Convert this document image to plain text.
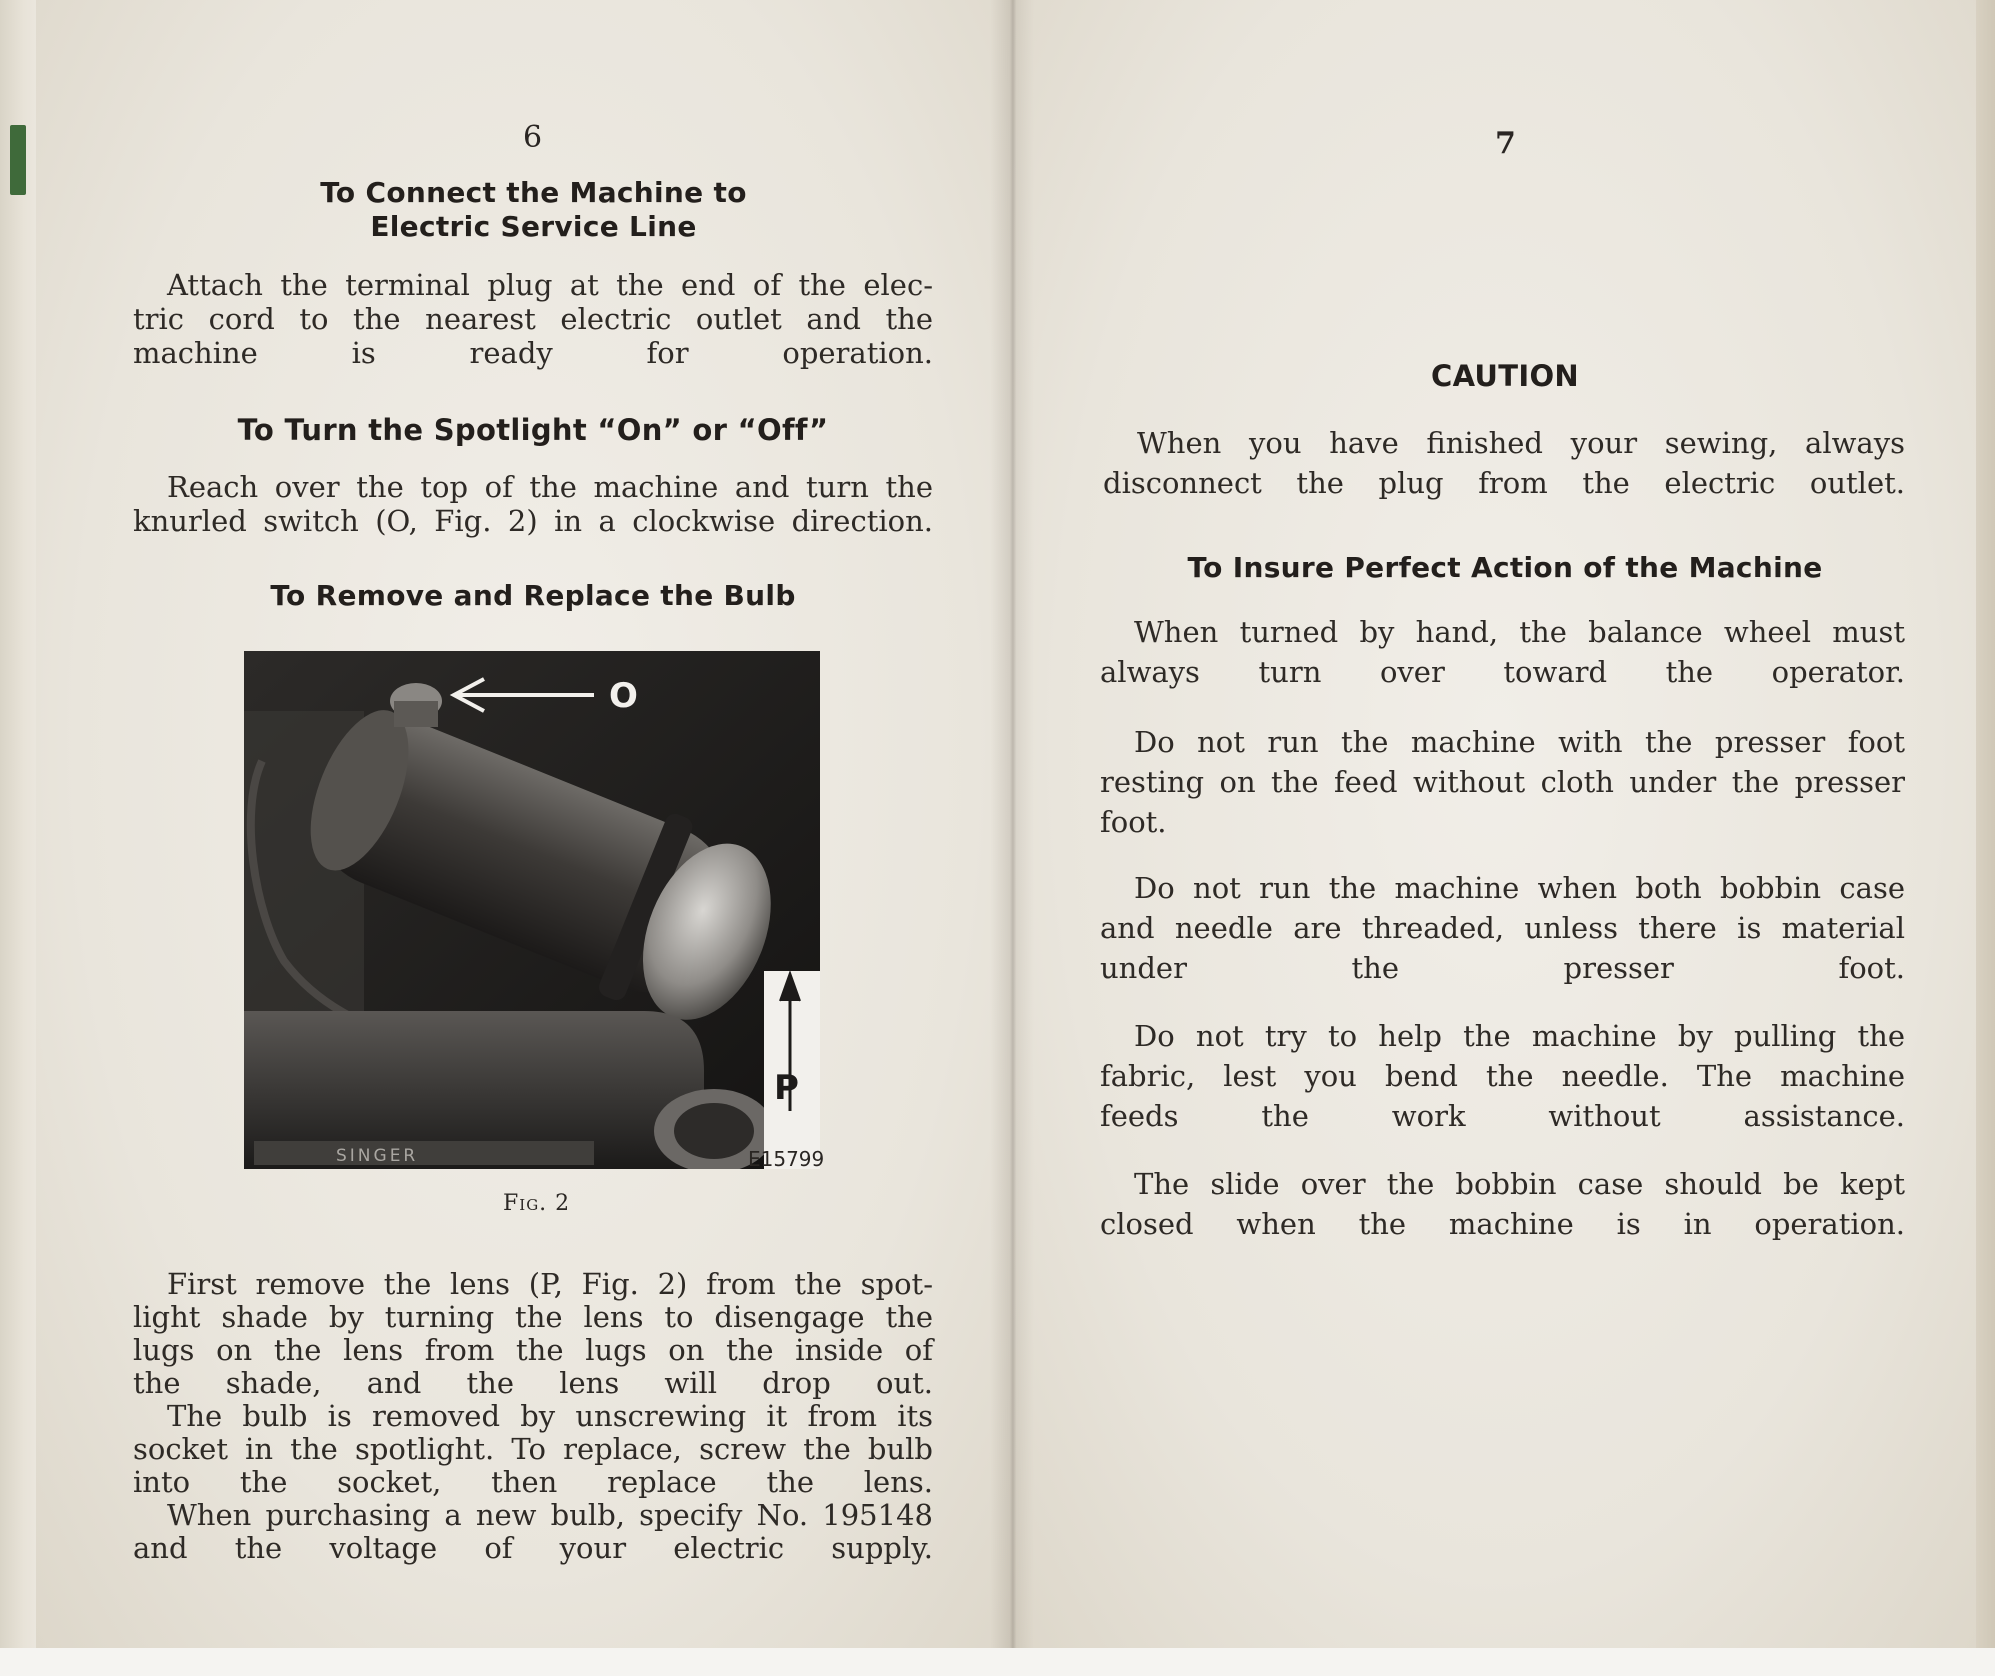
6
To Connect the Machine to
Electric Service Line
Attach the terminal plug at the end of the elec-
tric cord to the nearest electric outlet and the
machine is ready for operation.
To Turn the Spotlight “On” or “Off”
Reach over the top of the machine and turn the
knurled switch (O, Fig. 2) in a clockwise direction.
To Remove and Replace the Bulb
O
SINGER
P
E15799
Fig. 2
First remove the lens (P, Fig. 2) from the spot-
light shade by turning the lens to disengage the
lugs on the lens from the lugs on the inside of
the shade, and the lens will drop out.
The bulb is removed by unscrewing it from its
socket in the spotlight. To replace, screw the bulb
into the socket, then replace the lens.
When purchasing a new bulb, specify No. 195148
and the voltage of your electric supply.
7
CAUTION
When you have finished your sewing, always
disconnect the plug from the electric outlet.
To Insure Perfect Action of the Machine
When turned by hand, the balance wheel must
always turn over toward the operator.
Do not run the machine with the presser foot
resting on the feed without cloth under the presser
foot.
Do not run the machine when both bobbin case
and needle are threaded, unless there is material
under the presser foot.
Do not try to help the machine by pulling the
fabric, lest you bend the needle. The machine
feeds the work without assistance.
The slide over the bobbin case should be kept
closed when the machine is in operation.
